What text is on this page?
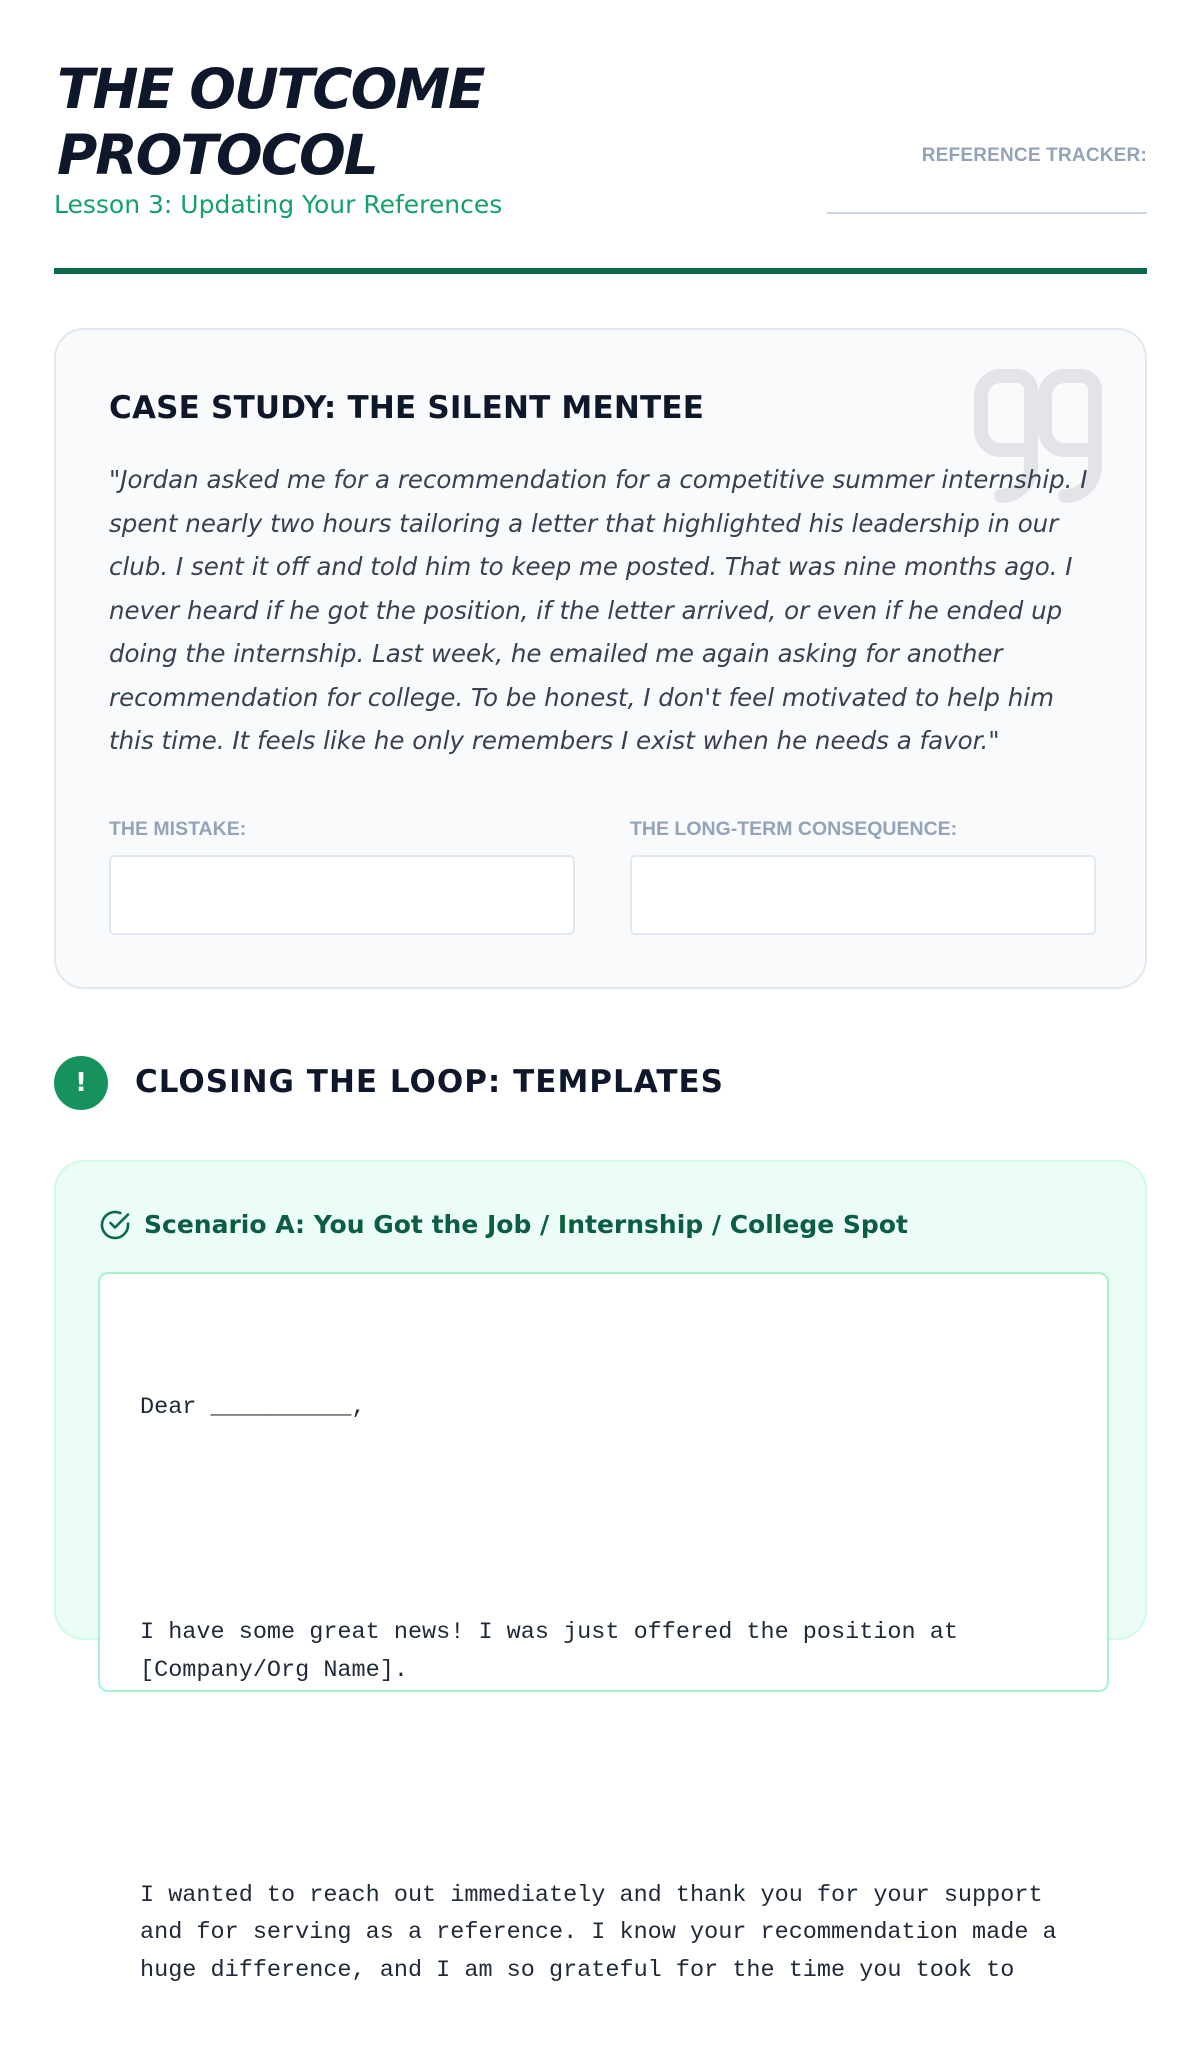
THE OUTCOME
PROTOCOL
Lesson 3: Updating Your References
REFERENCE TRACKER:
CASE STUDY: THE SILENT MENTEE
"Jordan asked me for a recommendation for a competitive summer internship. I spent nearly two hours tailoring a letter that highlighted his leadership in our club. I sent it off and told him to keep me posted. That was nine months ago. I never heard if he got the position, if the letter arrived, or even if he ended up doing the internship. Last week, he emailed me again asking for another recommendation for college. To be honest, I don't feel motivated to help him this time. It feels like he only remembers I exist when he needs a favor."
THE MISTAKE:	THE LONG-TERM CONSEQUENCE:
!	CLOSING THE LOOP: TEMPLATES
Scenario A: You Got the Job / Internship / College Spot

Dear __________,

I have some great news! I was just offered the position at [Company/Org Name].

I wanted to reach out immediately and thank you for your support and for serving as a reference. I know your recommendation made a huge difference, and I am so grateful for the time you took to
